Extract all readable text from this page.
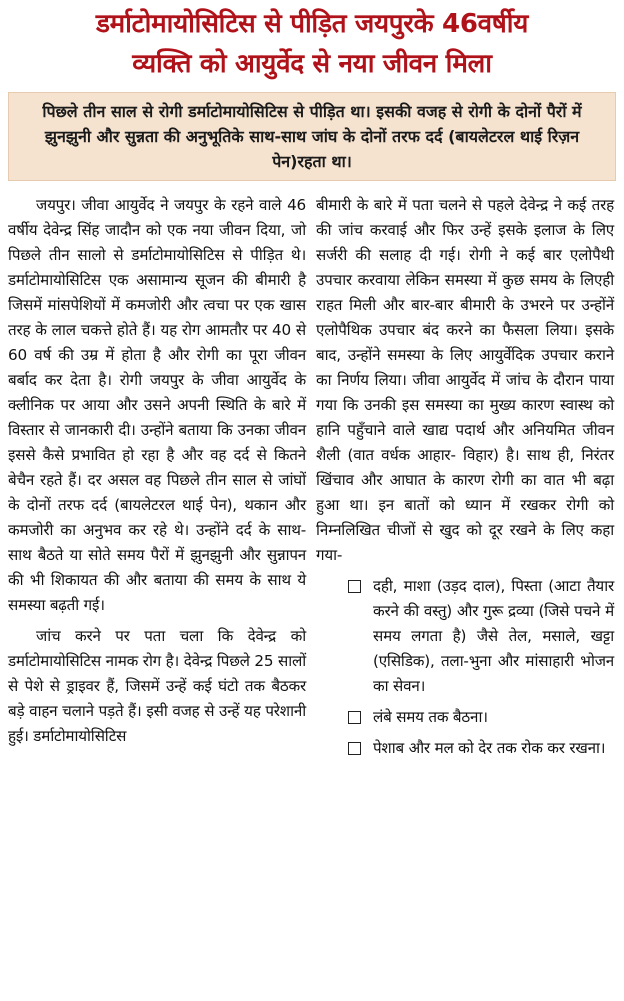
डर्माटोमायोसिटिस से पीड़ित जयपुरके 46वर्षीय
व्यक्ति को आयुर्वेद से नया जीवन मिला
पिछले तीन साल से रोगी डर्माटोमायोसिटिस से पीड़ित था। इसकी वजह से रोगी के दोनों पैरों में झुनझुनी और सुन्नता की अनुभूतिके साथ-साथ जांघ के दोनों तरफ दर्द (बायलेटरल थाई रिज़न पेन)रहता था।

जयपुर। जीवा आयुर्वेद ने जयपुर के रहने वाले 46 वर्षीय देवेन्द्र सिंह जादौन को एक नया जीवन दिया, जो पिछले तीन सालो से डर्माटोमायोसिटिस से पीड़ित थे। डर्माटोमायोसिटिस एक असामान्य सूजन की बीमारी है जिसमें मांसपेशियों में कमजोरी और त्वचा पर एक खास तरह के लाल चकत्ते होते हैं। यह रोग आमतौर पर 40 से 60 वर्ष की उम्र में होता है और रोगी का पूरा जीवन बर्बाद कर देता है। रोगी जयपुर के जीवा आयुर्वेद के क्लीनिक पर आया और उसने अपनी स्थिति के बारे में विस्तार से जानकारी दी। उन्होंने बताया कि उनका जीवन इससे कैसे प्रभावित हो रहा है और वह दर्द से कितने बेचैन रहते हैं। दर असल वह पिछले तीन साल से जांघों के दोनों तरफ दर्द (बायलेटरल थाई पेन), थकान और कमजोरी का अनुभव कर रहे थे। उन्होंने दर्द के साथ-साथ बैठते या सोते समय पैरों में झुनझुनी और सुन्नापन की भी शिकायत की और बताया की समय के साथ ये समस्या बढ़ती गई।

जांच करने पर पता चला कि देवेन्द्र को डर्माटोमायोसिटिस नामक रोग है। देवेन्द्र पिछले 25 सालों से पेशे से ड्राइवर हैं, जिसमें उन्हें कई घंटो तक बैठकर बड़े वाहन चलाने पड़ते हैं। इसी वजह से उन्हें यह परेशानी हुई। डर्माटोमायोसिटिस

बीमारी के बारे में पता चलने से पहले देवेन्द्र ने कई तरह की जांच करवाई और फिर उन्हें इसके इलाज के लिए सर्जरी की सलाह दी गई। रोगी ने कई बार एलोपैथी उपचार करवाया लेकिन समस्या में कुछ समय के लिएही राहत मिली और बार-बार बीमारी के उभरने पर उन्होंनें एलोपैथिक उपचार बंद करने का फैसला लिया। इसके बाद, उन्होंने समस्या के लिए आयुर्वेदिक उपचार कराने का निर्णय लिया। जीवा आयुर्वेद में जांच के दौरान पाया गया कि उनकी इस समस्या का मुख्य कारण स्वास्थ को हानि पहुँचाने वाले खाद्य पदार्थ और अनियमित जीवन शैली (वात वर्धक आहार- विहार) है। साथ ही, निरंतर खिंचाव और आघात के कारण रोगी का वात भी बढ़ा हुआ था। इन बातों को ध्यान में रखकर रोगी को निम्नलिखित चीजों से खुद को दूर रखने के लिए कहा गया-

दही, माशा (उड़द दाल), पिस्ता (आटा तैयार करने की वस्तु) और गुरू द्रव्या (जिसे पचने में समय लगता है) जैसे तेल, मसाले, खट्टा (एसिडिक), तला-भुना और मांसाहारी भोजन का सेवन।
लंबे समय तक बैठना।
पेशाब और मल को देर तक रोक कर रखना।
